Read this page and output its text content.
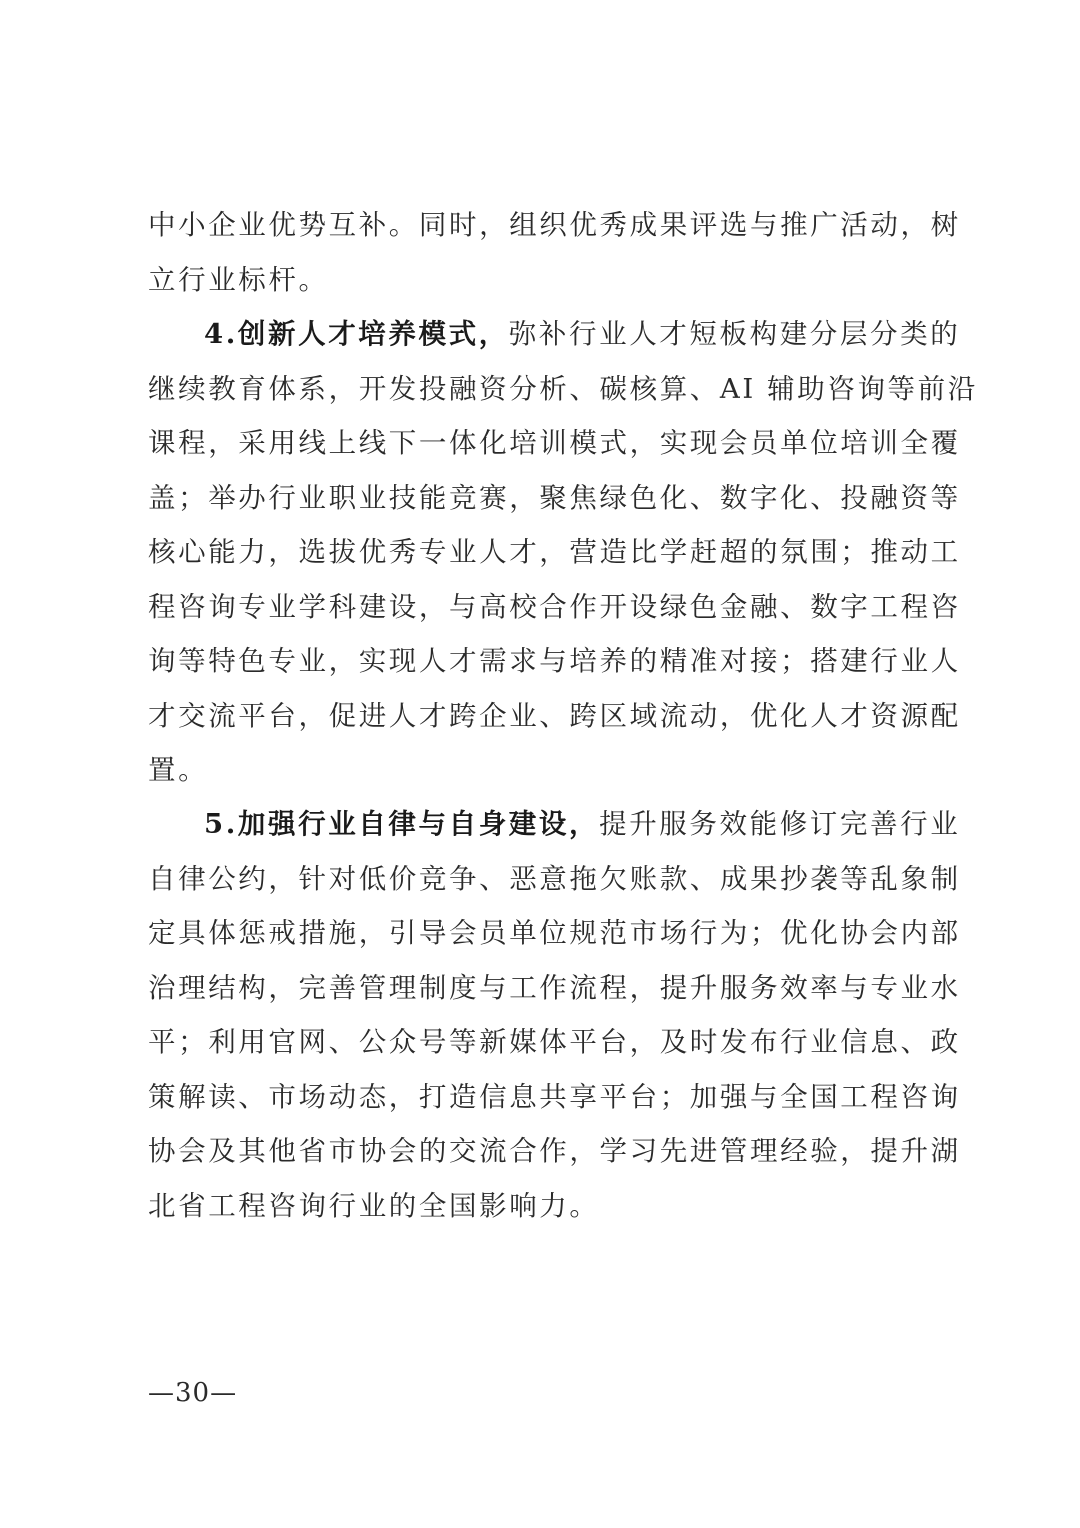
中小企业优势互补。同时，组织优秀成果评选与推广活动，树
立行业标杆。
4.创新人才培养模式，弥补行业人才短板构建分层分类的
继续教育体系，开发投融资分析、碳核算、AI 辅助咨询等前沿
课程，采用线上线下一体化培训模式，实现会员单位培训全覆
盖；举办行业职业技能竞赛，聚焦绿色化、数字化、投融资等
核心能力，选拔优秀专业人才，营造比学赶超的氛围；推动工
程咨询专业学科建设，与高校合作开设绿色金融、数字工程咨
询等特色专业，实现人才需求与培养的精准对接；搭建行业人
才交流平台，促进人才跨企业、跨区域流动，优化人才资源配
置。
5.加强行业自律与自身建设，提升服务效能修订完善行业
自律公约，针对低价竞争、恶意拖欠账款、成果抄袭等乱象制
定具体惩戒措施，引导会员单位规范市场行为；优化协会内部
治理结构，完善管理制度与工作流程，提升服务效率与专业水
平；利用官网、公众号等新媒体平台，及时发布行业信息、政
策解读、市场动态，打造信息共享平台；加强与全国工程咨询
协会及其他省市协会的交流合作，学习先进管理经验，提升湖
北省工程咨询行业的全国影响力。
—30—
